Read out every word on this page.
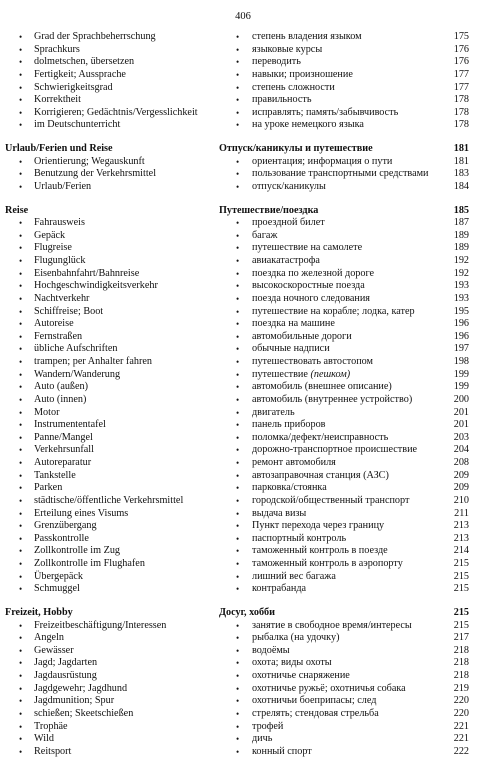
406
• Grad der Sprachbeherrschung	• степень владения языком	175
• Sprachkurs	• языковые курсы	176
• dolmetschen, übersetzen	• переводить	176
• Fertigkeit; Aussprache	• навыки; произношение	177
• Schwierigkeitsgrad	• степень сложности	177
• Korrektheit	• правильность	178
• Korrigieren; Gedächtnis/Vergesslichkeit	• исправлять; память/забывчивость	178
• im Deutschunterricht	• на уроке немецкого языка	178
Urlaub/Ferien und Reise	Отпуск/каникулы и путешествие	181
• Orientierung; Wegauskunft	• ориентация; информация о пути	181
• Benutzung der Verkehrsmittel	• пользование транспортными средствами 183
• Urlaub/Ferien	• отпуск/каникулы	184
Reise	Путешествие/поездка	185
• Fahrausweis	• проездной билет	187
• Gepäck	• багаж	189
• Flugreise	• путешествие на самолете	189
• Flugunglück	• авиакатастрофа	192
• Eisenbahnfahrt/Bahnreise	• поездка по железной дороге	192
• Hochgeschwindigkeitsverkehr	• высокоскоростные поезда	193
• Nachtverkehr	• поезда ночного следования	193
• Schiffreise; Boot	• путешествие на корабле; лодка, катер	195
• Autoreise	• поездка на машине	196
• Fernstraßen	• автомобильные дороги	196
• übliche Aufschriften	• обычные надписи	197
• trampen; per Anhalter fahren	• путешествовать автостопом	198
• Wandern/Wanderung	• путешествие (пешком)	199
• Auto (außen)	• автомобиль (внешнее описание)	199
• Auto (innen)	• автомобиль (внутреннее устройство)	200
• Motor	• двигатель	201
• Instrumententafel	• панель приборов	201
• Panne/Mangel	• поломка/дефект/неисправность	203
• Verkehrsunfall	• дорожно-транспортное происшествие	204
• Autoreparatur	• ремонт автомобиля	208
• Tankstelle	• автозаправочная станция (АЗС)	209
• Parken	• парковка/стоянка	209
• städtische/öffentliche Verkehrsmittel	• городской/общественный транспорт	210
• Erteilung eines Visums	• выдача визы	211
• Grenzübergang	• Пункт перехода через границу	213
• Passkontrolle	• паспортный контроль	213
• Zollkontrolle im Zug	• таможенный контроль в поезде	214
• Zollkontrolle im Flughafen	• таможенный контроль в аэропорту	215
• Übergepäck	• лишний вес багажа	215
• Schmuggel	• контрабанда	215
Freizeit, Hobby	Досуг, хобби	215
• Freizeitbeschäftigung/Interessen	• занятие в свободное время/интересы	215
• Angeln	• рыбалка (на удочку)	217
• Gewässer	• водоёмы	218
• Jagd; Jagdarten	• охота; виды охоты	218
• Jagdausrüstung	• охотничье снаряжение	218
• Jagdgewehr; Jagdhund	• охотничье ружьё; охотничья собака	219
• Jagdmunition; Spur	• охотничьи боеприпасы; след	220
• schießen; Skeetschießen	• стрелять; стендовая стрельба	220
• Trophäe	• трофей	221
• Wild	• дичь	221
• Reitsport	• конный спорт	222
